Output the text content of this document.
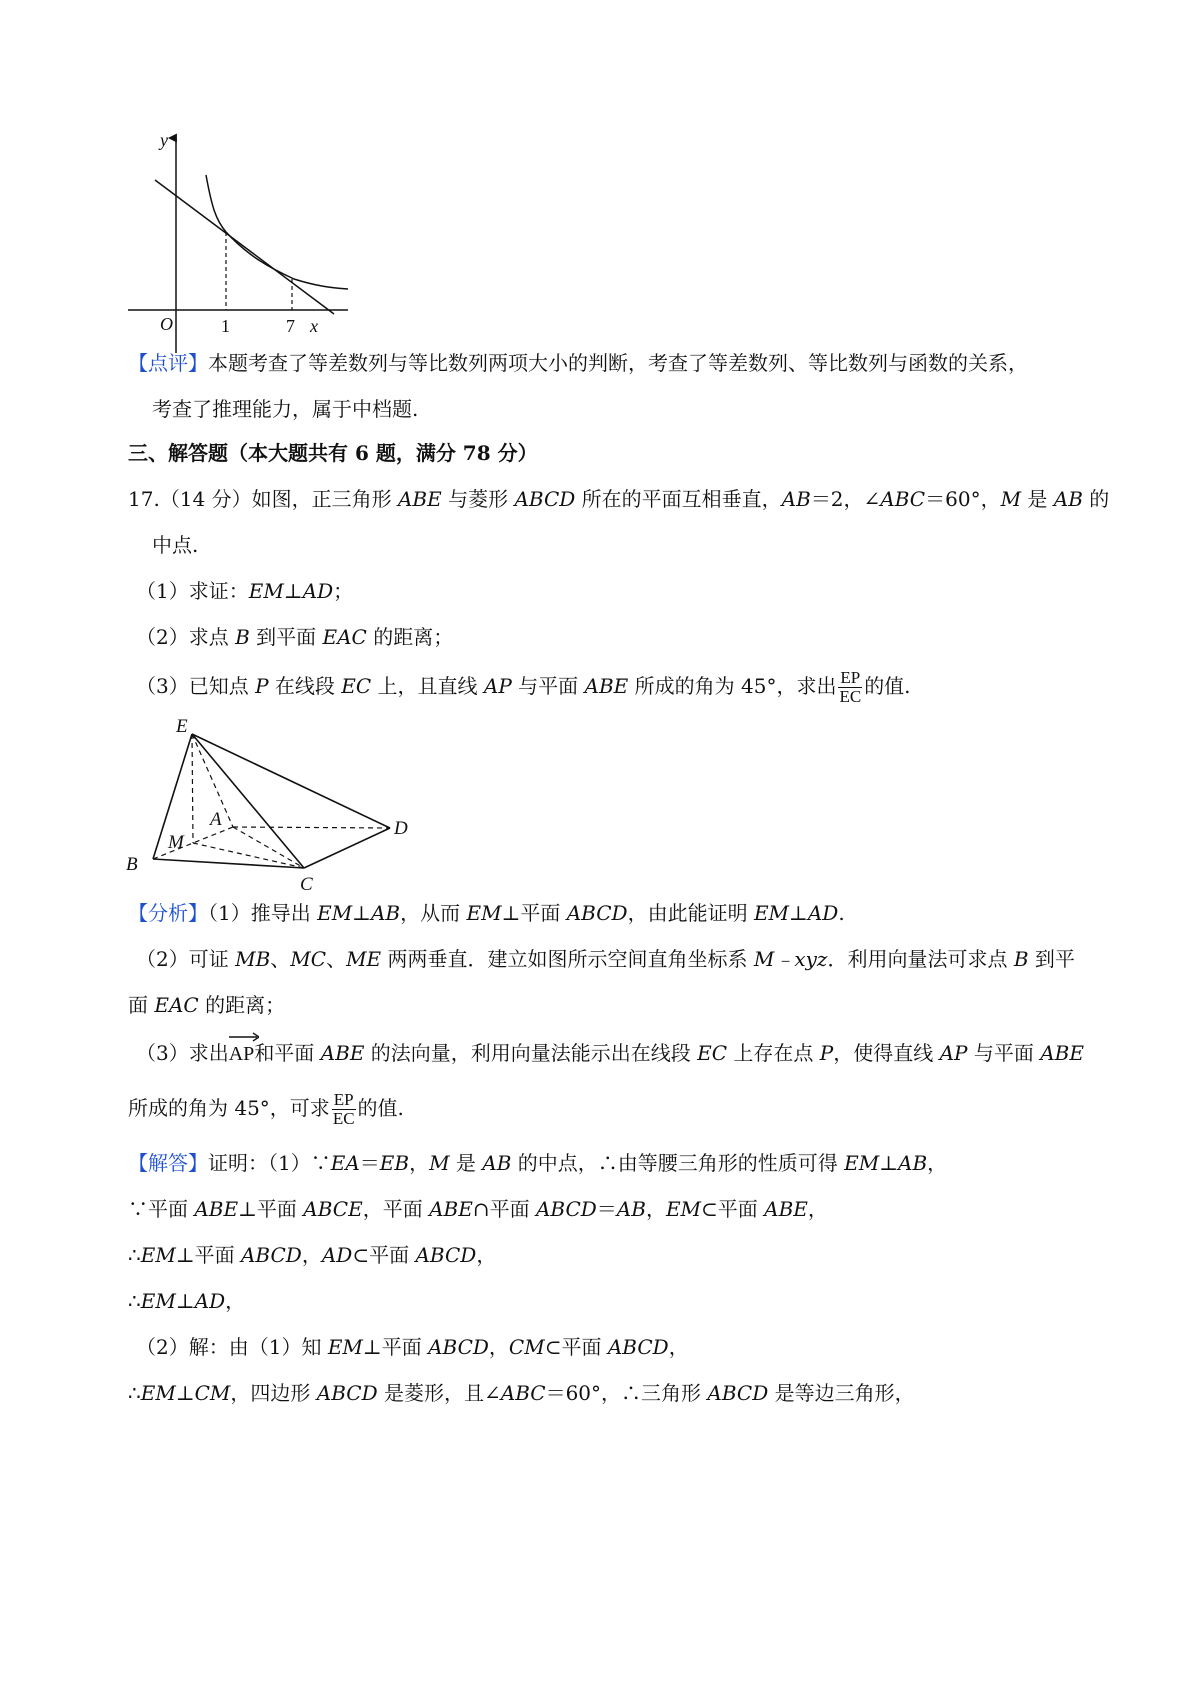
y
O	1	7 x
【点评】本题考查了等差数列与等比数列两项大小的判断，考查了等差数列、等比数列与函数的关系，
考查了推理能力，属于中档题.
三、解答题（本大题共有 6 题，满分 78 分）
17.（14 分）如图，正三角形 ABE 与菱形 ABCD 所在的平面互相垂直，AB＝2，∠ABC＝60°，M 是 AB 的
中点.
（1）求证：EM⊥AD；
（2）求点 B 到平面 EAC 的距离；
（3）已知点 P 在线段 EC 上，且直线 AP 与平面 ABE 所成的角为 45°，求出 $\frac{EP}{EC}$ 的值.
E
A
M
B
C
D
【分析】（1）推导出 EM⊥AB，从而 EM⊥平面 ABCD，由此能证明 EM⊥AD.
（2）可证 MB、MC、ME 两两垂直．建立如图所示空间直角坐标系 M﹣xyz．利用向量法可求点 B 到平
面 EAC 的距离；
（3）求出
AP和平面 ABE 的法向量，利用向量法能示出在线段 EC 上存在点 P，使得直线 AP 与平面 ABE
所成的角为 45°，可求 $\frac{EP}{EC}$ 的值.
【解答】证明：（1）∵EA＝EB，M 是 AB 的中点，∴由等腰三角形的性质可得 EM⊥AB，
∵平面 ABE⊥平面 ABCE，平面 ABE∩平面 ABCD＝AB，EM⊂平面 ABE，
∴EM⊥平面 ABCD，AD⊂平面 ABCD，
∴EM⊥AD，
（2）解：由（1）知 EM⊥平面 ABCD，CM⊂平面 ABCD，
∴EM⊥CM，四边形 ABCD 是菱形，且∠ABC＝60°，∴三角形 ABCD 是等边三角形，
